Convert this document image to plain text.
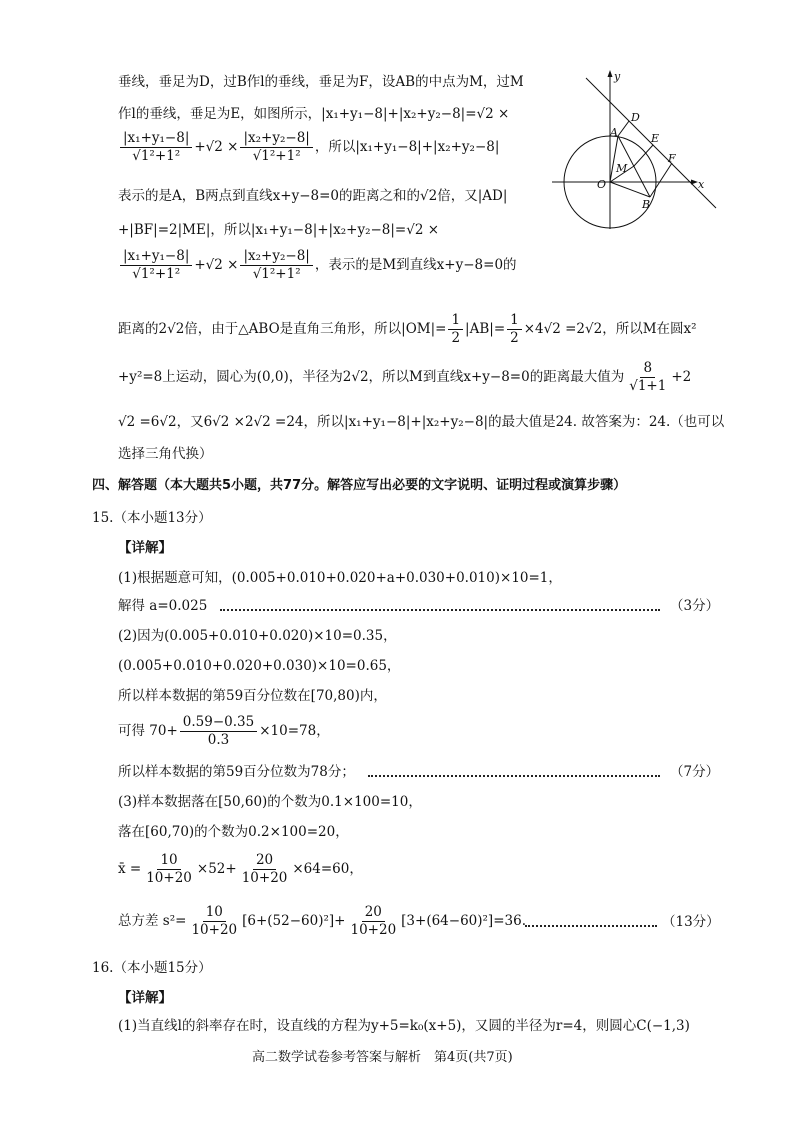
垂线，垂足为D，过B作l的垂线，垂足为F，设AB的中点为M，过M
作l的垂线，垂足为E，如图所示，|x₁+y₁−8|+|x₂+y₂−8|=√2 ×
$\frac{\text{|x₁+y₁−8|}}{\text{√1²+1²}} +√2 \times \frac{\text{|x₂+y₂−8|}}{\text{√1²+1²}}$ ，所以|x₁+y₁−8|+|x₂+y₂−8|
表示的是A，B两点到直线x+y−8=0的距离之和的√2倍，又|AD|
+|BF|=2|ME|，所以|x₁+y₁−8|+|x₂+y₂−8|=√2 ×
$\frac{\text{|x₁+y₁−8|}}{\text{√1²+1²}} +√2 \times \frac{\text{|x₂+y₂−8|}}{\text{√1²+1²}}$ ，表示的是M到直线x+y−8=0的
距离的2√2倍，由于△ABO是直角三角形，所以$|OM|= \frac{1}{2} |AB|= \frac{1}{2} \times 4√2 =2√2$，所以M在圆x²
+y²=8上运动，圆心为(0,0)，半径为2√2，所以M到直线x+y−8=0的距离最大值为 $\frac{8}{√1+1} +2$
√2 =6√2，又6√2 ×2√2 =24，所以|x₁+y₁−8|+|x₂+y₂−8|的最大值是24. 故答案为：24.（也可以
选择三角代换）
y
x
O
A
B
D
E
F
M
四、解答题（本大题共5小题，共77分。解答应写出必要的文字说明、证明过程或演算步骤）
15.（本小题13分）
【详解】
(1)根据题意可知，(0.005+0.010+0.020+a+0.030+0.010)×10=1，
解得 a=0.025	（3分）
(2)因为(0.005+0.010+0.020)×10=0.35，
(0.005+0.010+0.020+0.030)×10=0.65，
所以样本数据的第59百分位数在[70,80)内，
可得 $70+ \frac{0.59-0.35}{0.3} \times 10=78$，
所以样本数据的第59百分位数为78分；	（7分）
(3)样本数据落在[50,60)的个数为0.1×100=10，
落在[60,70)的个数为0.2×100=20，
x̄ = $\frac{10}{10+20} \times 52+ \frac{20}{10+20} \times 64=60$，
总方差 $s^2= \frac{10}{10+20} [6+(52-60)^2]+ \frac{20}{10+20} [3+(64-60)^2]=36$.	（13分）
16.（本小题15分）
【详解】
(1)当直线l的斜率存在时，设直线的方程为y+5=k₀(x+5)，又圆的半径为r=4，则圆心C(−1,3)
高二数学试卷参考答案与解析　第4页(共7页)
